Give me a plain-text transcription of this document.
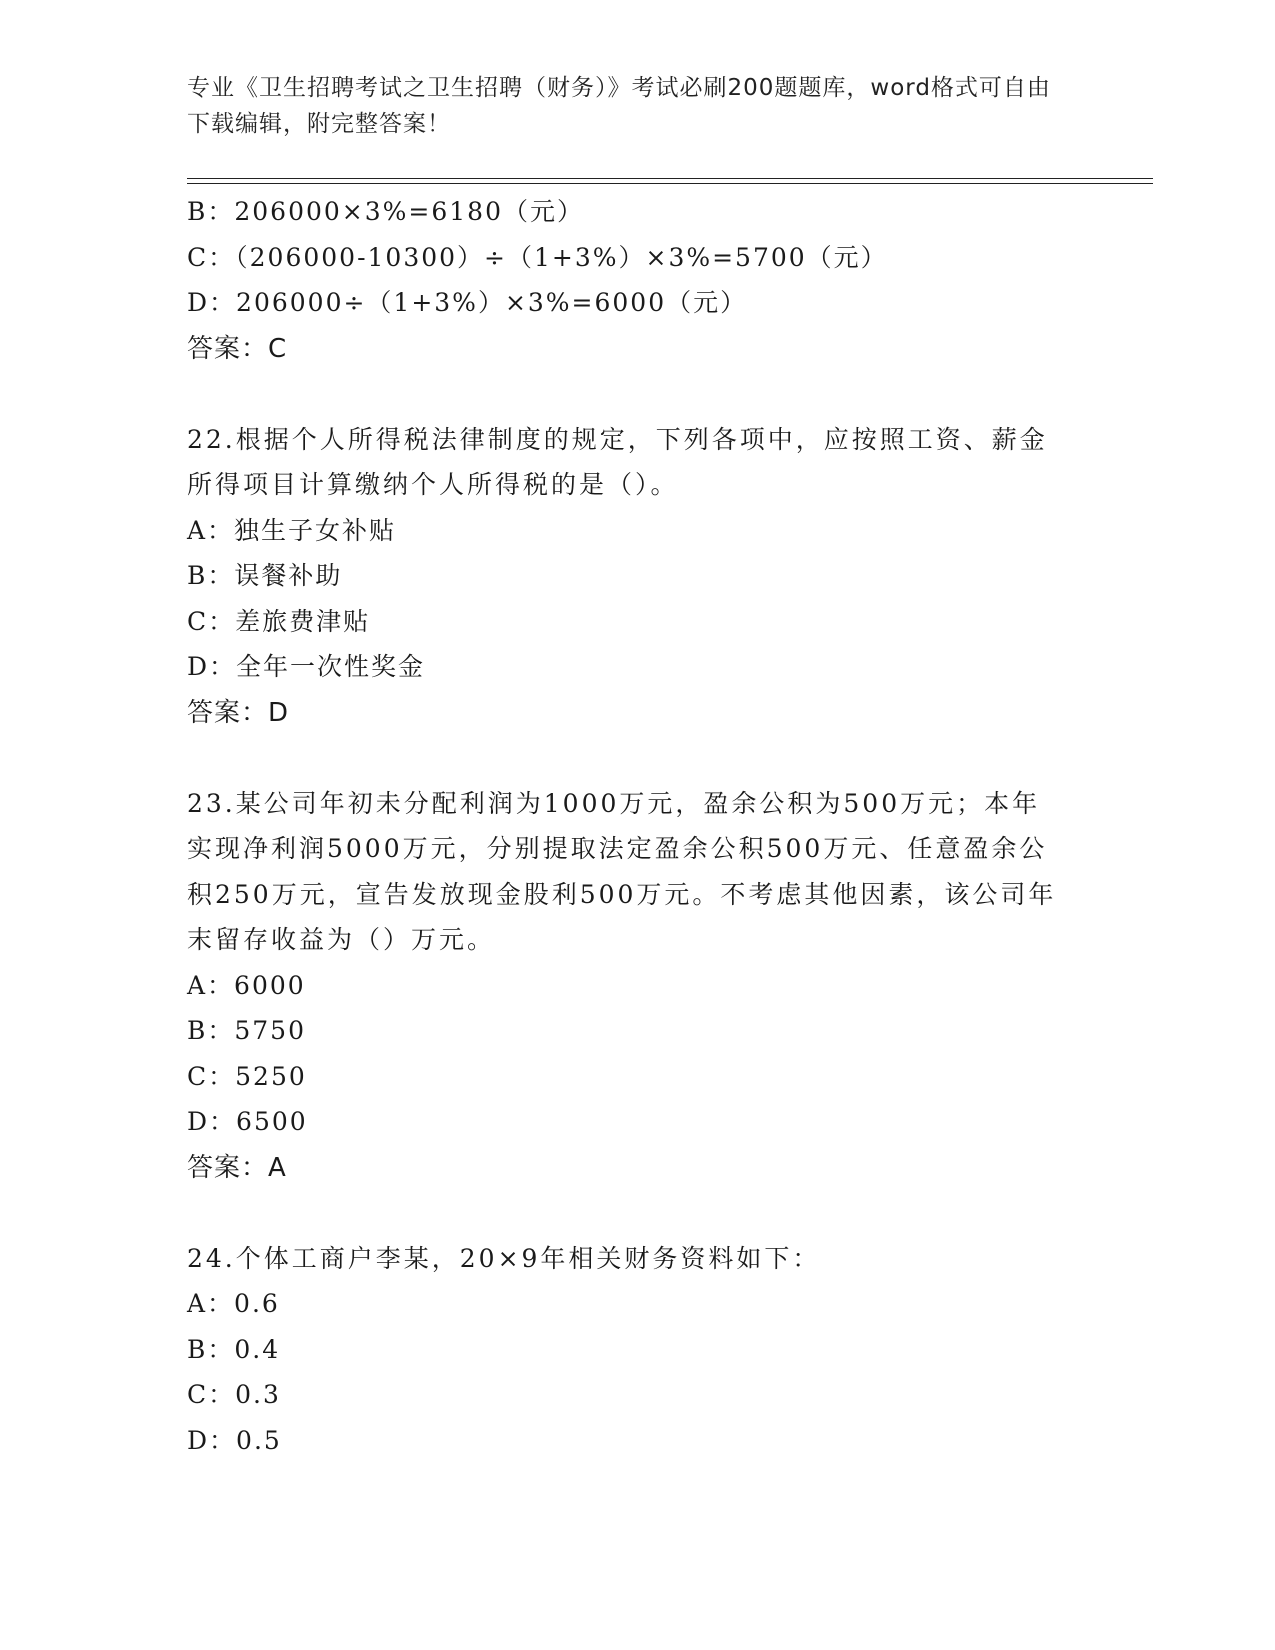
专业《卫生招聘考试之卫生招聘（财务）》考试必刷200题题库，word格式可自由下载编辑，附完整答案！
B：206000×3%=6180（元）
C：（206000-10300）÷（1+3%）×3%=5700（元）
D：206000÷（1+3%）×3%=6000（元）
答案：C
22.根据个人所得税法律制度的规定，下列各项中，应按照工资、薪金所得项目计算缴纳个人所得税的是（）。
A：独生子女补贴
B：误餐补助
C：差旅费津贴
D：全年一次性奖金
答案：D
23.某公司年初未分配利润为1000万元，盈余公积为500万元；本年实现净利润5000万元，分别提取法定盈余公积500万元、任意盈余公积250万元，宣告发放现金股利500万元。不考虑其他因素，该公司年末留存收益为（）万元。
A：6000
B：5750
C：5250
D：6500
答案：A
24.个体工商户李某，20×9年相关财务资料如下：
A：0.6
B：0.4
C：0.3
D：0.5
